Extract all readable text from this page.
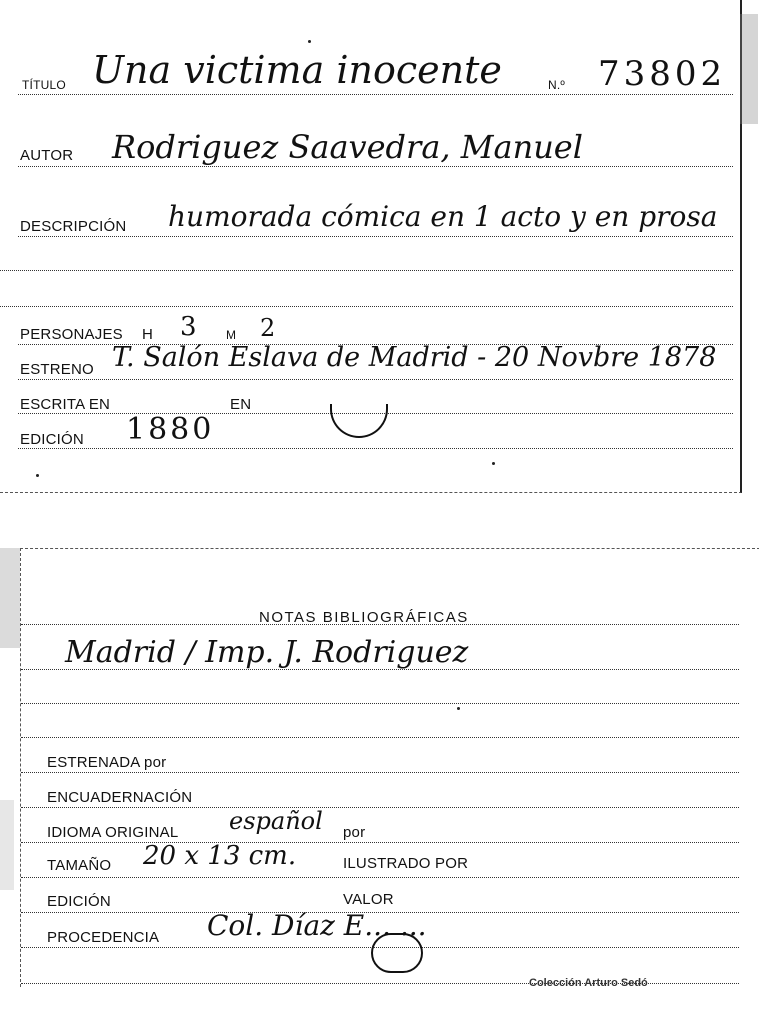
TÍTULO Una victima inocente	N.º 73802
AUTOR Rodriguez Saavedra, Manuel
DESCRIPCIÓN humorada cómica en 1 acto y en prosa
PERSONAJES H 3 M 2
ESTRENO T. Salón Eslava de Madrid - 20 Novbre 1878
ESCRITA EN	EN
EDICIÓN 1880
NOTAS BIBLIOGRÁFICAS
Madrid / Imp. J. Rodriguez
ESTRENADA por
ENCUADERNACIÓN
IDIOMA ORIGINAL español por
TAMAÑO 20 x 13 cm.	ILUSTRADO POR
EDICIÓN	VALOR
PROCEDENCIA Col. Díaz E... ...
Colección Arturo Sedó
